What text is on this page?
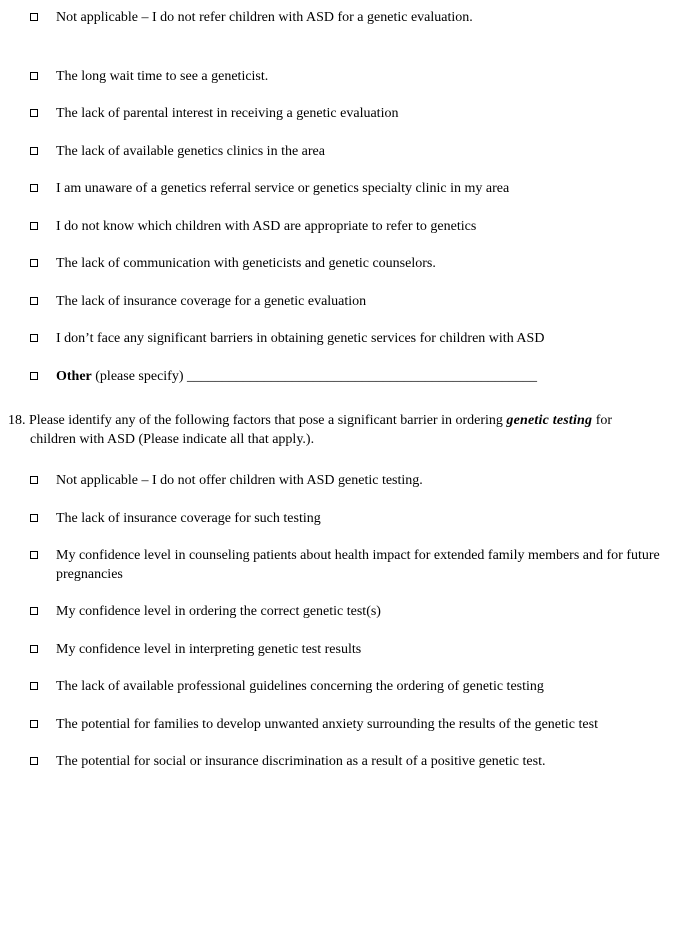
Not applicable – I do not refer children with ASD for a genetic evaluation.
The long wait time to see a geneticist.
The lack of parental interest in receiving a genetic evaluation
The lack of available genetics clinics in the area
I am unaware of a genetics referral service or genetics specialty clinic in my area
I do not know which children with ASD are appropriate to refer to genetics
The lack of communication with geneticists and genetic counselors.
The lack of insurance coverage for a genetic evaluation
I don’t face any significant barriers in obtaining genetic services for children with ASD
Other (please specify) __________________________________________________
18. Please identify any of the following factors that pose a significant barrier in ordering genetic testing for children with ASD (Please indicate all that apply.).
Not applicable – I do not offer children with ASD genetic testing.
The lack of insurance coverage for such testing
My confidence level in counseling patients about health impact for extended family members and for future pregnancies
My confidence level in ordering the correct genetic test(s)
My confidence level in interpreting genetic test results
The lack of available professional guidelines concerning the ordering of genetic testing
The potential for families to develop unwanted anxiety surrounding the results of the genetic test
The potential for social or insurance discrimination as a result of a positive genetic test.
